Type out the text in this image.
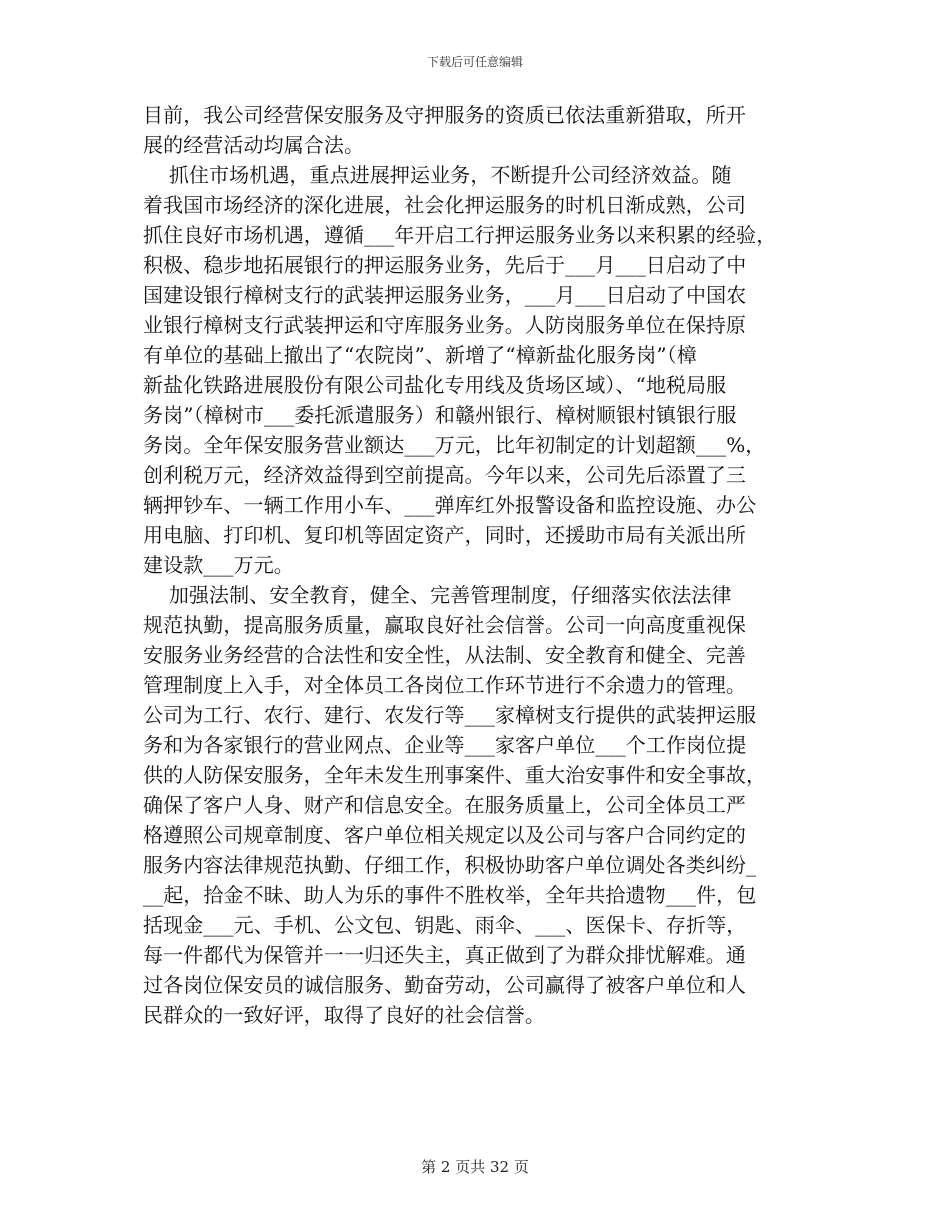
下载后可任意编辑
目前，我公司经营保安服务及守押服务的资质已依法重新猎取，所开
展的经营活动均属合法。
抓住市场机遇，重点进展押运业务，不断提升公司经济效益。随
着我国市场经济的深化进展，社会化押运服务的时机日渐成熟，公司
抓住良好市场机遇，遵循___年开启工行押运服务业务以来积累的经验，
积极、稳步地拓展银行的押运服务业务，先后于___月___日启动了中
国建设银行樟树支行的武装押运服务业务，___月___日启动了中国农
业银行樟树支行武装押运和守库服务业务。人防岗服务单位在保持原
有单位的基础上撤出了“农院岗”、新增了“樟新盐化服务岗”（樟
新盐化铁路进展股份有限公司盐化专用线及货场区域）、“地税局服
务岗”（樟树市___委托派遣服务）和赣州银行、樟树顺银村镇银行服
务岗。全年保安服务营业额达___万元，比年初制定的计划超额___%，
创利税万元，经济效益得到空前提高。今年以来，公司先后添置了三
辆押钞车、一辆工作用小车、___弹库红外报警设备和监控设施、办公
用电脑、打印机、复印机等固定资产，同时，还援助市局有关派出所
建设款___万元。
加强法制、安全教育，健全、完善管理制度，仔细落实依法法律
规范执勤，提高服务质量，赢取良好社会信誉。公司一向高度重视保
安服务业务经营的合法性和安全性，从法制、安全教育和健全、完善
管理制度上入手，对全体员工各岗位工作环节进行不余遗力的管理。
公司为工行、农行、建行、农发行等___家樟树支行提供的武装押运服
务和为各家银行的营业网点、企业等___家客户单位___个工作岗位提
供的人防保安服务，全年未发生刑事案件、重大治安事件和安全事故，
确保了客户人身、财产和信息安全。在服务质量上，公司全体员工严
格遵照公司规章制度、客户单位相关规定以及公司与客户合同约定的
服务内容法律规范执勤、仔细工作，积极协助客户单位调处各类纠纷_
__起，拾金不昧、助人为乐的事件不胜枚举，全年共拾遗物___件，包
括现金___元、手机、公文包、钥匙、雨伞、___、医保卡、存折等，
每一件都代为保管并一一归还失主，真正做到了为群众排忧解难。通
过各岗位保安员的诚信服务、勤奋劳动，公司赢得了被客户单位和人
民群众的一致好评，取得了良好的社会信誉。
第 2 页共 32 页
